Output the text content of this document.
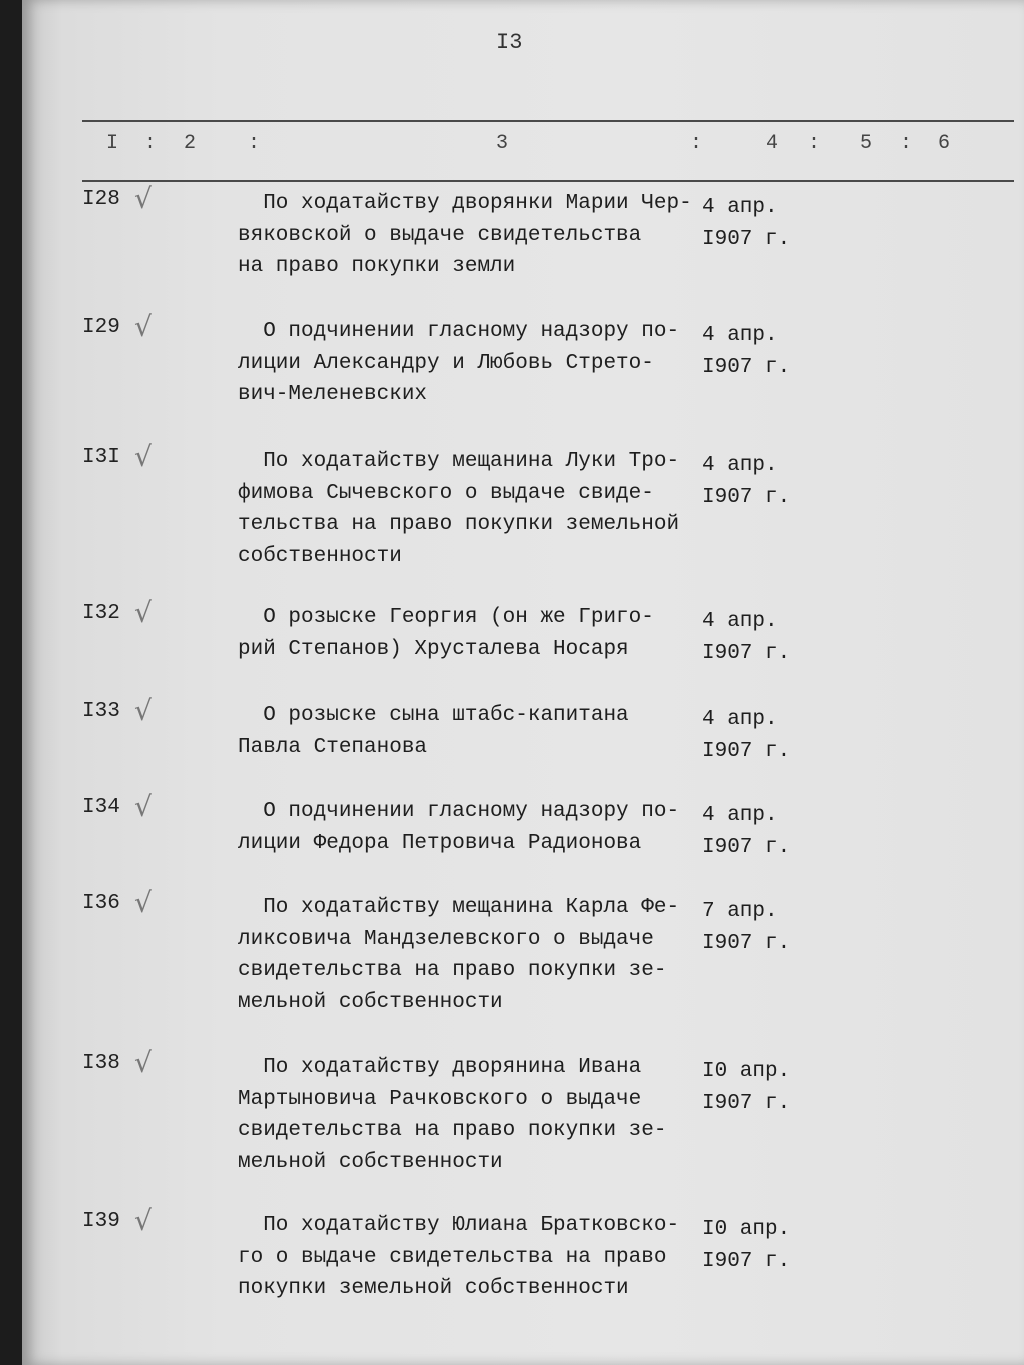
I3
I : 2	:	3	:	4 : 5 : 6
I28 √	По ходатайству дворянки Марии Чер-
вяковской о выдаче свидетельства
на право покупки земли
4 апр.
I907 г.
I29 √	О подчинении гласному надзору по-
лиции Александру и Любовь Стрето-
вич-Меленевских
4 апр.
I907 г.
I3I √	По ходатайству мещанина Луки Тро-
фимова Сычевского о выдаче свиде-
тельства на право покупки земельной
собственности
4 апр.
I907 г.
I32 √	О розыске Георгия (он же Григо-
рий Степанов) Хрусталева Носаря
4 апр.
I907 г.
I33 √	О розыске сына штабс-капитана
Павла Степанова
4 апр.
I907 г.
I34 √	О подчинении гласному надзору по-
лиции Федора Петровича Радионова
4 апр.
I907 г.
I36 √	По ходатайству мещанина Карла Фе-
ликсовича Мандзелевского о выдаче
свидетельства на право покупки зе-
мельной собственности
7 апр.
I907 г.
I38 √	По ходатайству дворянина Ивана
Мартыновича Рачковского о выдаче
свидетельства на право покупки зе-
мельной собственности
I0 апр.
I907 г.
I39 √	По ходатайству Юлиана Братковско-
го о выдаче свидетельства на право
покупки земельной собственности
I0 апр.
I907 г.
